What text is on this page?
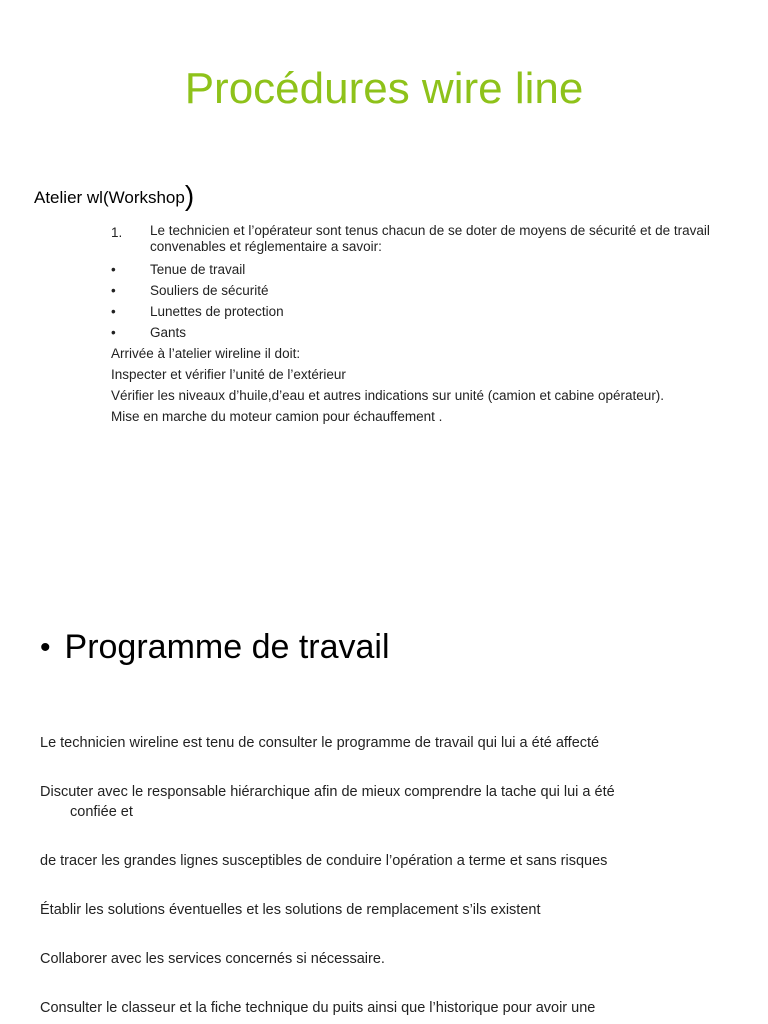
Procédures wire line
Atelier wl(Workshop)
1.	Le technicien et l’opérateur sont tenus chacun de se doter de moyens de sécurité et de travail convenables et réglementaire a savoir:
•	Tenue de travail
•	Souliers de sécurité
•	Lunettes de protection
•	Gants
Arrivée à l’atelier wireline il doit:
Inspecter et vérifier l’unité de l’extérieur
Vérifier les niveaux d’huile,d’eau et autres indications sur unité (camion et cabine opérateur).
Mise en marche du moteur camion pour échauffement .
• Programme de travail

Le technicien wireline est tenu de consulter le programme de travail qui lui a été affecté

Discuter avec le responsable hiérarchique afin de mieux comprendre la tache qui lui a été
confiée et

de tracer les grandes lignes susceptibles de conduire l’opération a terme et sans risques

Établir les solutions éventuelles et les solutions de remplacement s’ils existent

Collaborer avec les services concernés si nécessaire.

Consulter le classeur et la fiche technique du puits ainsi que l’historique pour avoir une
